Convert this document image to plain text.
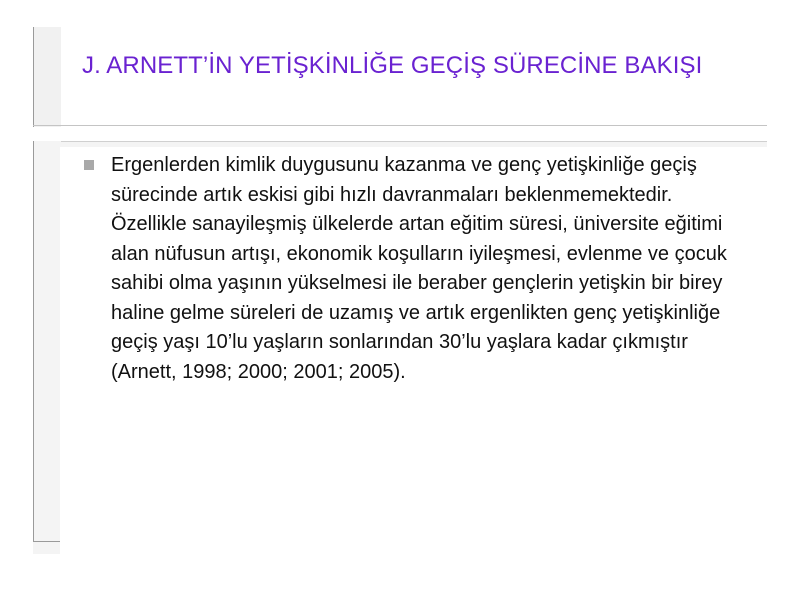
J. ARNETT’İN YETİŞKİNLİĞE GEÇİŞ SÜRECİNE BAKIŞI

Ergenlerden kimlik duygusunu kazanma ve genç yetişkinliğe geçiş sürecinde artık eskisi gibi hızlı davranmaları beklenmemektedir. Özellikle sanayileşmiş ülkelerde artan eğitim süresi, üniversite eğitimi alan nüfusun artışı, ekonomik koşulların iyileşmesi, evlenme ve çocuk sahibi olma yaşının yükselmesi ile beraber gençlerin yetişkin bir birey haline gelme süreleri de uzamış ve artık ergenlikten genç yetişkinliğe geçiş yaşı 10’lu yaşların sonlarından 30’lu yaşlara kadar çıkmıştır (Arnett, 1998; 2000; 2001; 2005).
